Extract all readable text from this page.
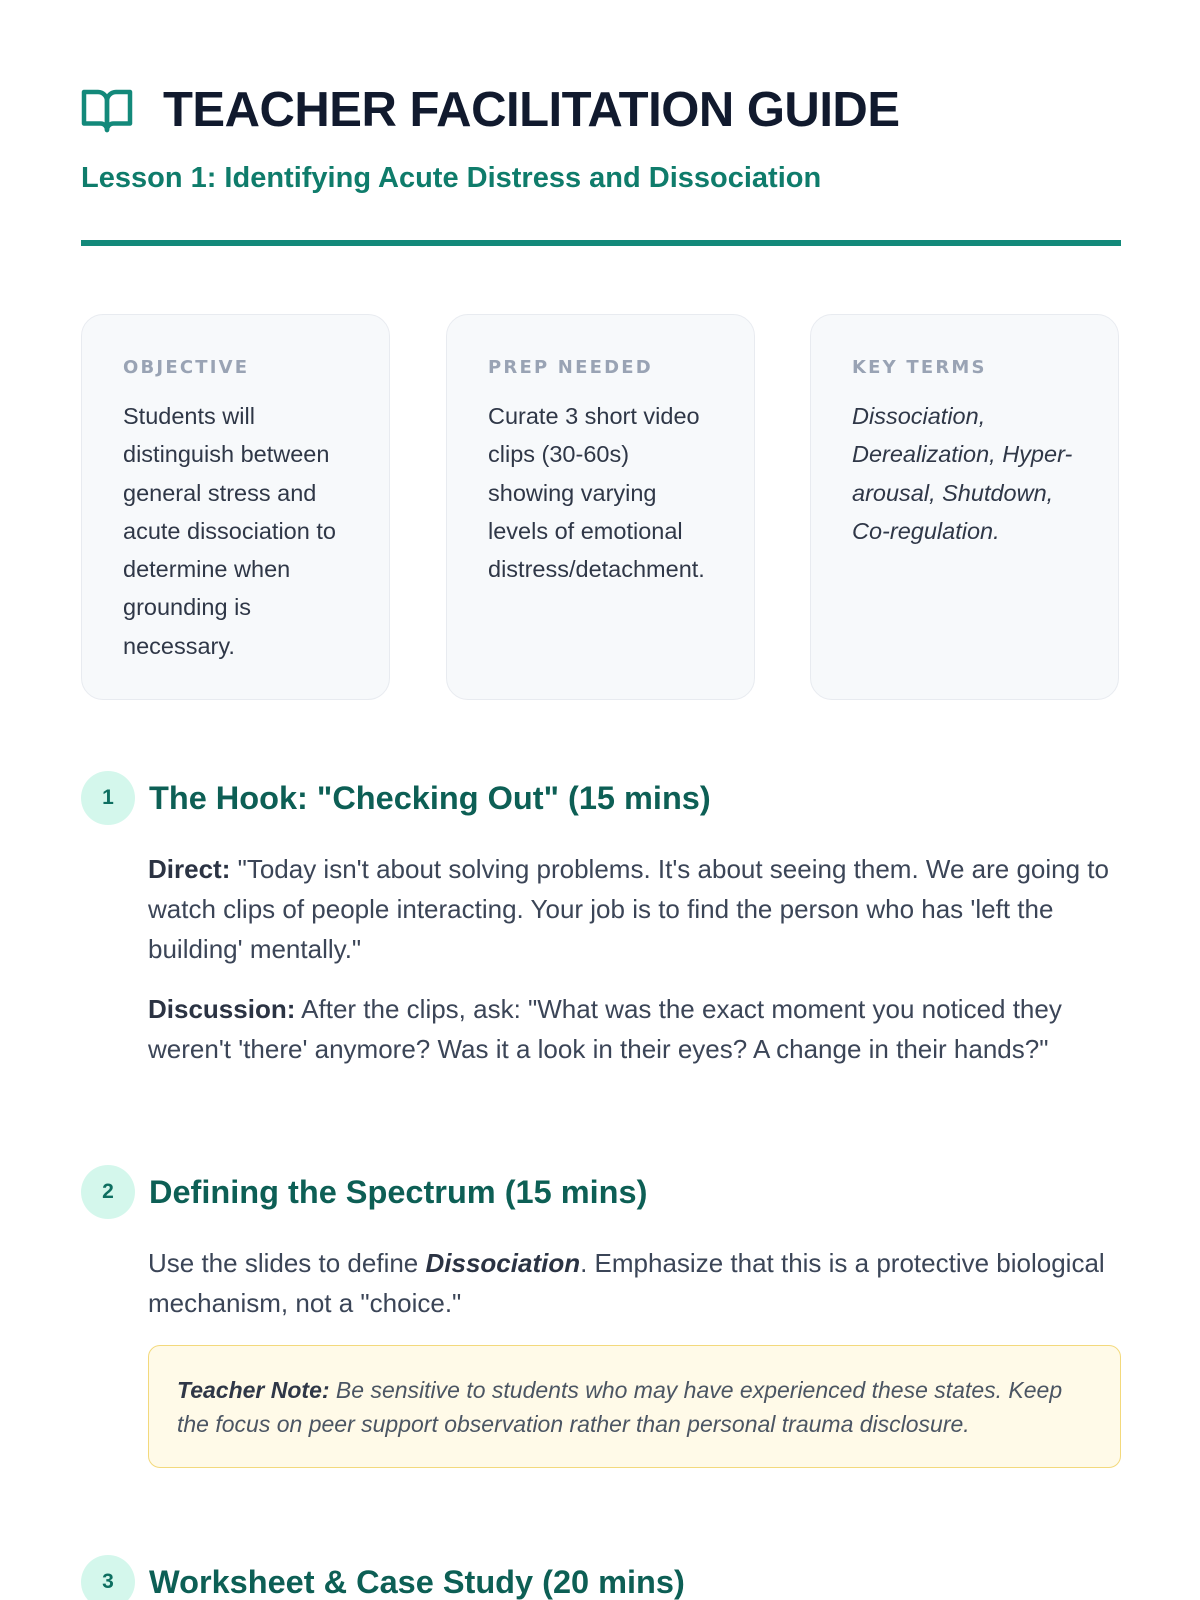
TEACHER FACILITATION GUIDE
Lesson 1: Identifying Acute Distress and Dissociation
OBJECTIVE
Students will distinguish between general stress and acute dissociation to determine when grounding is necessary.
PREP NEEDED
Curate 3 short video clips (30-60s) showing varying levels of emotional distress/detachment.
KEY TERMS
Dissociation, Derealization, Hyper-arousal, Shutdown, Co-regulation.
1	The Hook: "Checking Out" (15 mins)

Direct: "Today isn't about solving problems. It's about seeing them. We are going to watch clips of people interacting. Your job is to find the person who has 'left the building' mentally."

Discussion: After the clips, ask: "What was the exact moment you noticed they weren't 'there' anymore? Was it a look in their eyes? A change in their hands?"

2	Defining the Spectrum (15 mins)

Use the slides to define Dissociation. Emphasize that this is a protective biological mechanism, not a "choice."

Teacher Note: Be sensitive to students who may have experienced these states. Keep the focus on peer support observation rather than personal trauma disclosure.
3	Worksheet & Case Study (20 mins)
